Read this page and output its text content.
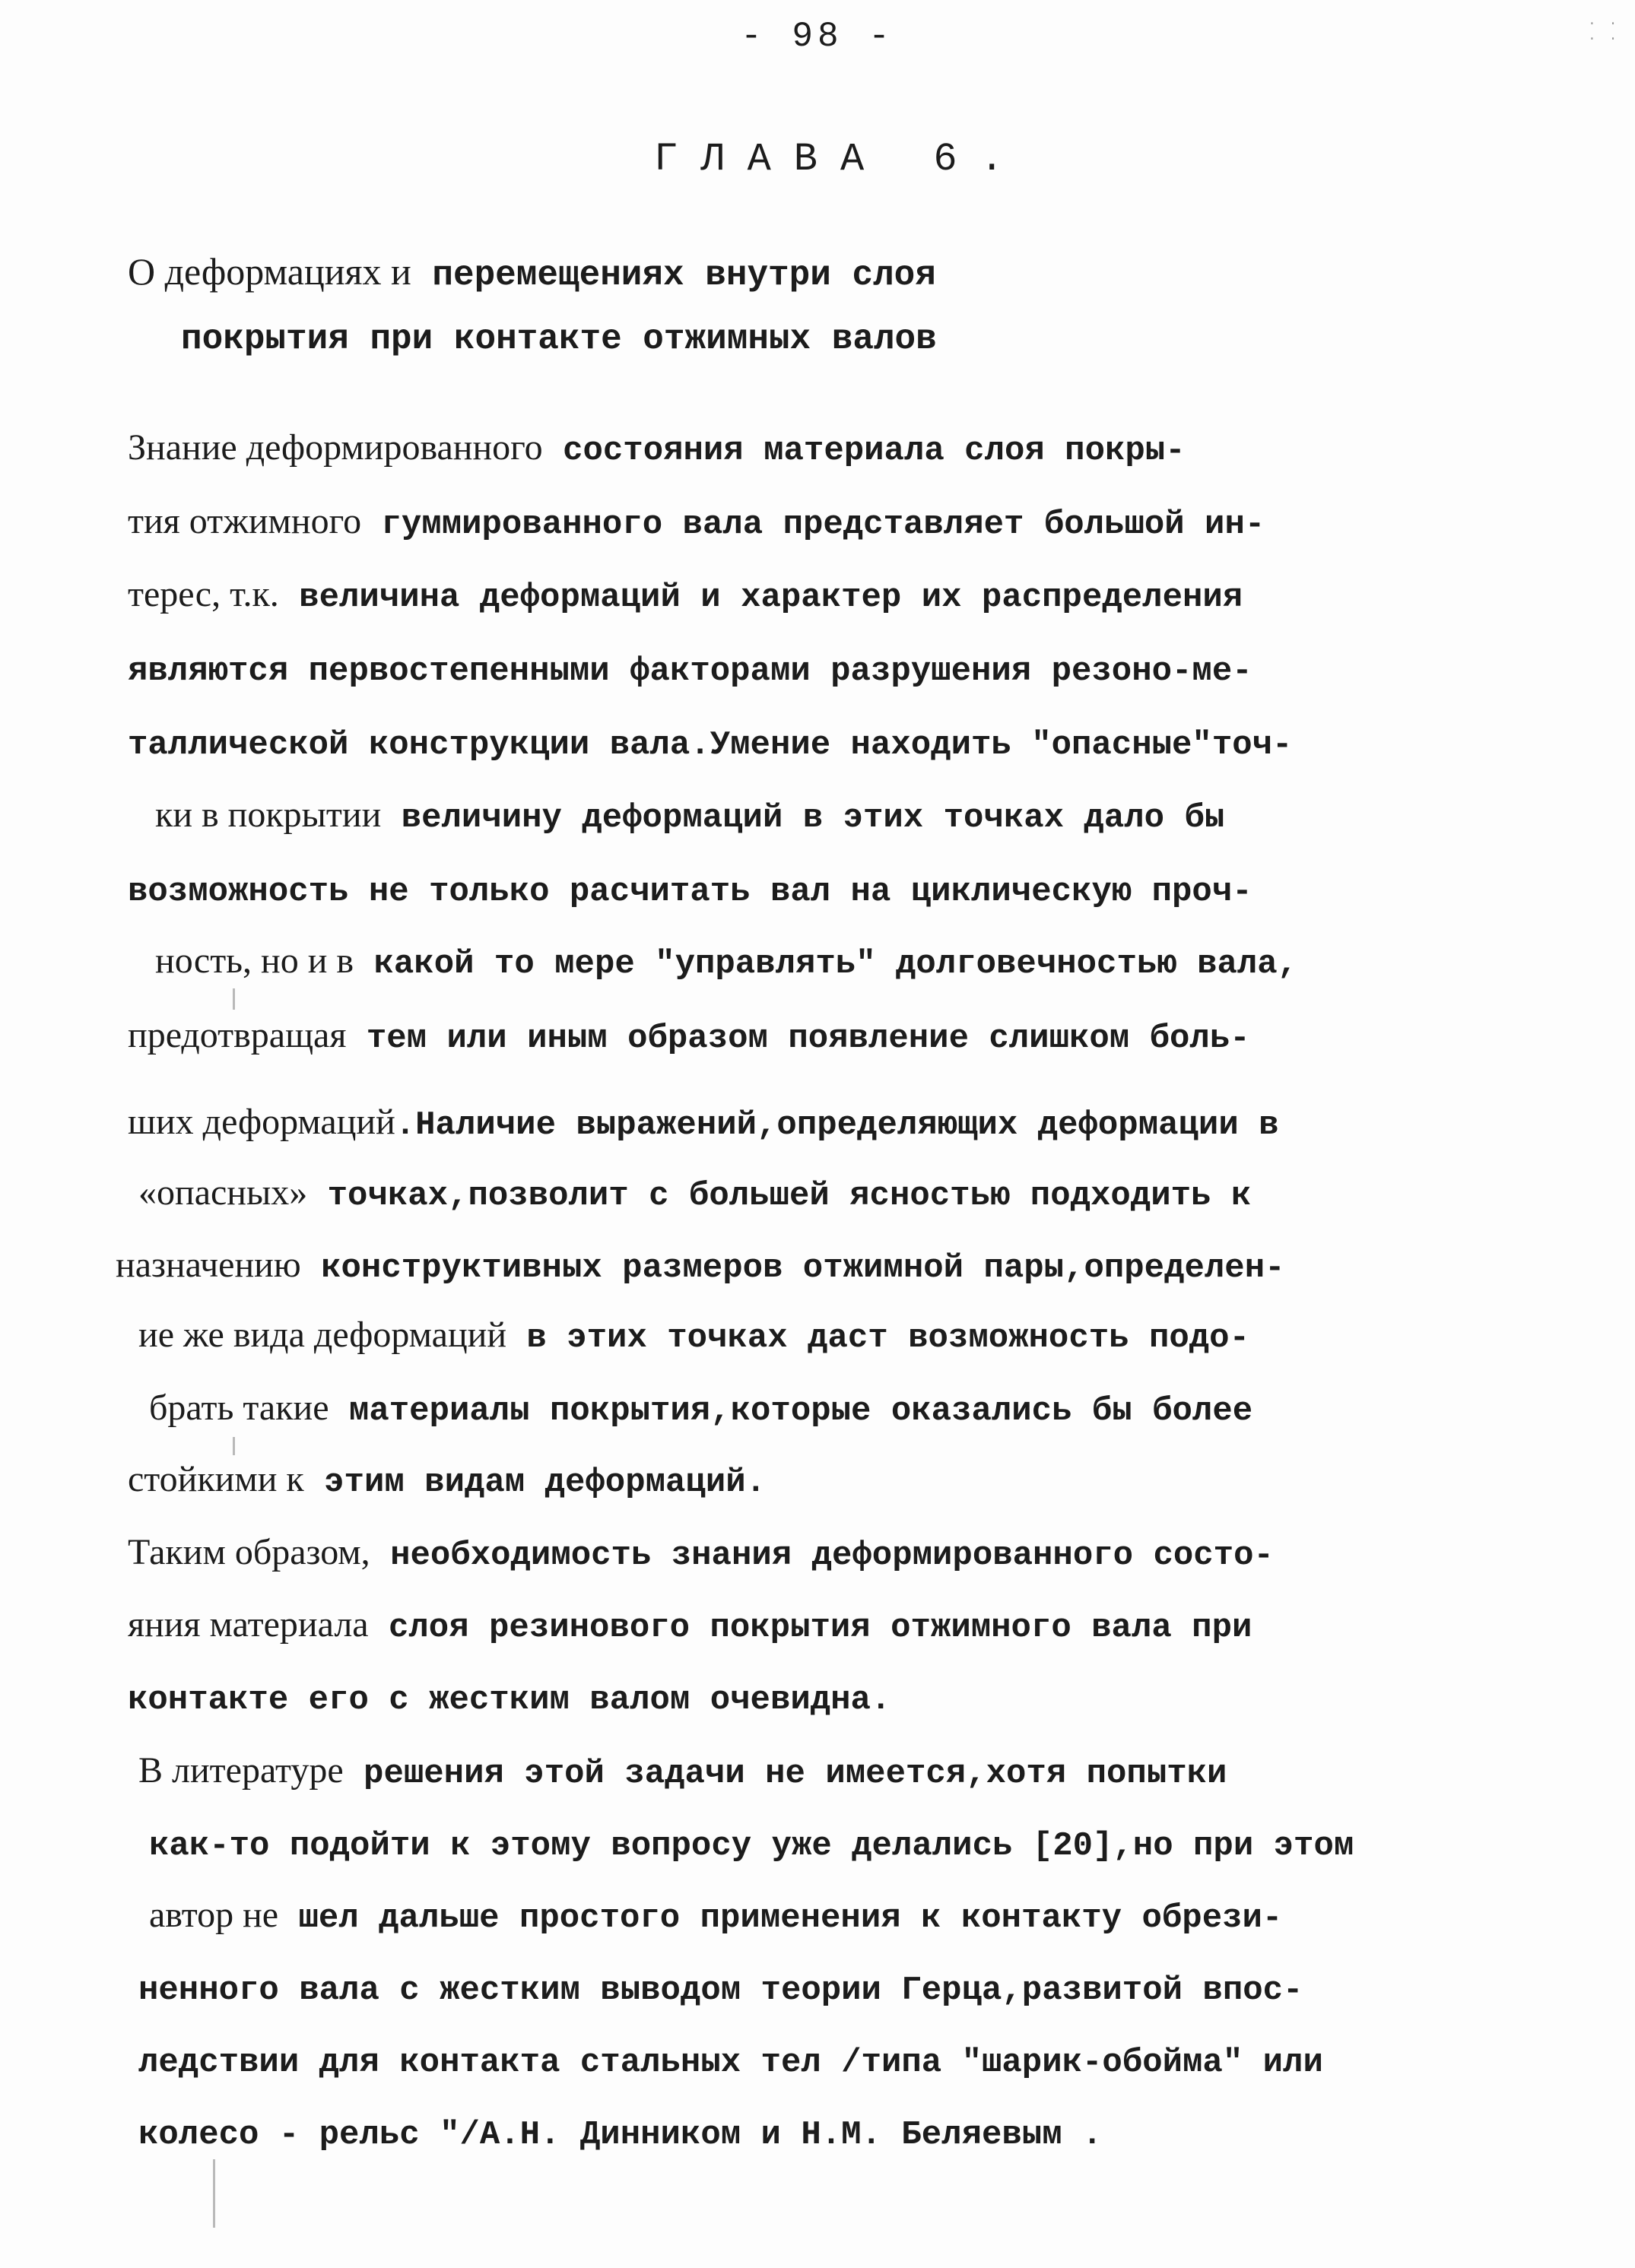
· · · ·
- 98 -
ГЛАВА 6.
О деформациях и перемещениях внутри слоя
покрытия при контакте отжимных валов
Знание деформированного состояния материала слоя покры-
тия отжимного гуммированного вала представляет большой ин-
терес, т.к. величина деформаций и характер их распределения
являются первостепенными факторами разрушения резоно-ме-
таллической конструкции вала.Умение находить "опасные"точ-
ки в покрытии величину деформаций в этих точках дало бы
возможность не только расчитать вал на циклическую проч-
ность, но и в какой то мере "управлять" долговечностью вала,
предотвращая тем или иным образом появление слишком боль-
ших деформаций.Наличие выражений,определяющих деформации в
«опасных» точках,позволит с большей ясностью подходить к
назначению конструктивных размеров отжимной пары,определен-
ие же вида деформаций в этих точках даст возможность подо-
брать такие материалы покрытия,которые оказались бы более
стойкими к этим видам деформаций.
Таким образом, необходимость знания деформированного состо-
яния материала слоя резинового покрытия отжимного вала при
контакте его с жестким валом очевидна.
В литературе решения этой задачи не имеется,хотя попытки
как-то подойти к этому вопросу уже делались [20],но при этом
автор не шел дальше простого применения к контакту обрези-
ненного вала с жестким выводом теории Герца,развитой впос-
ледствии для контакта стальных тел /типа "шарик-обойма" или
колесо - рельс "/А.Н. Динником и Н.М. Беляевым .
